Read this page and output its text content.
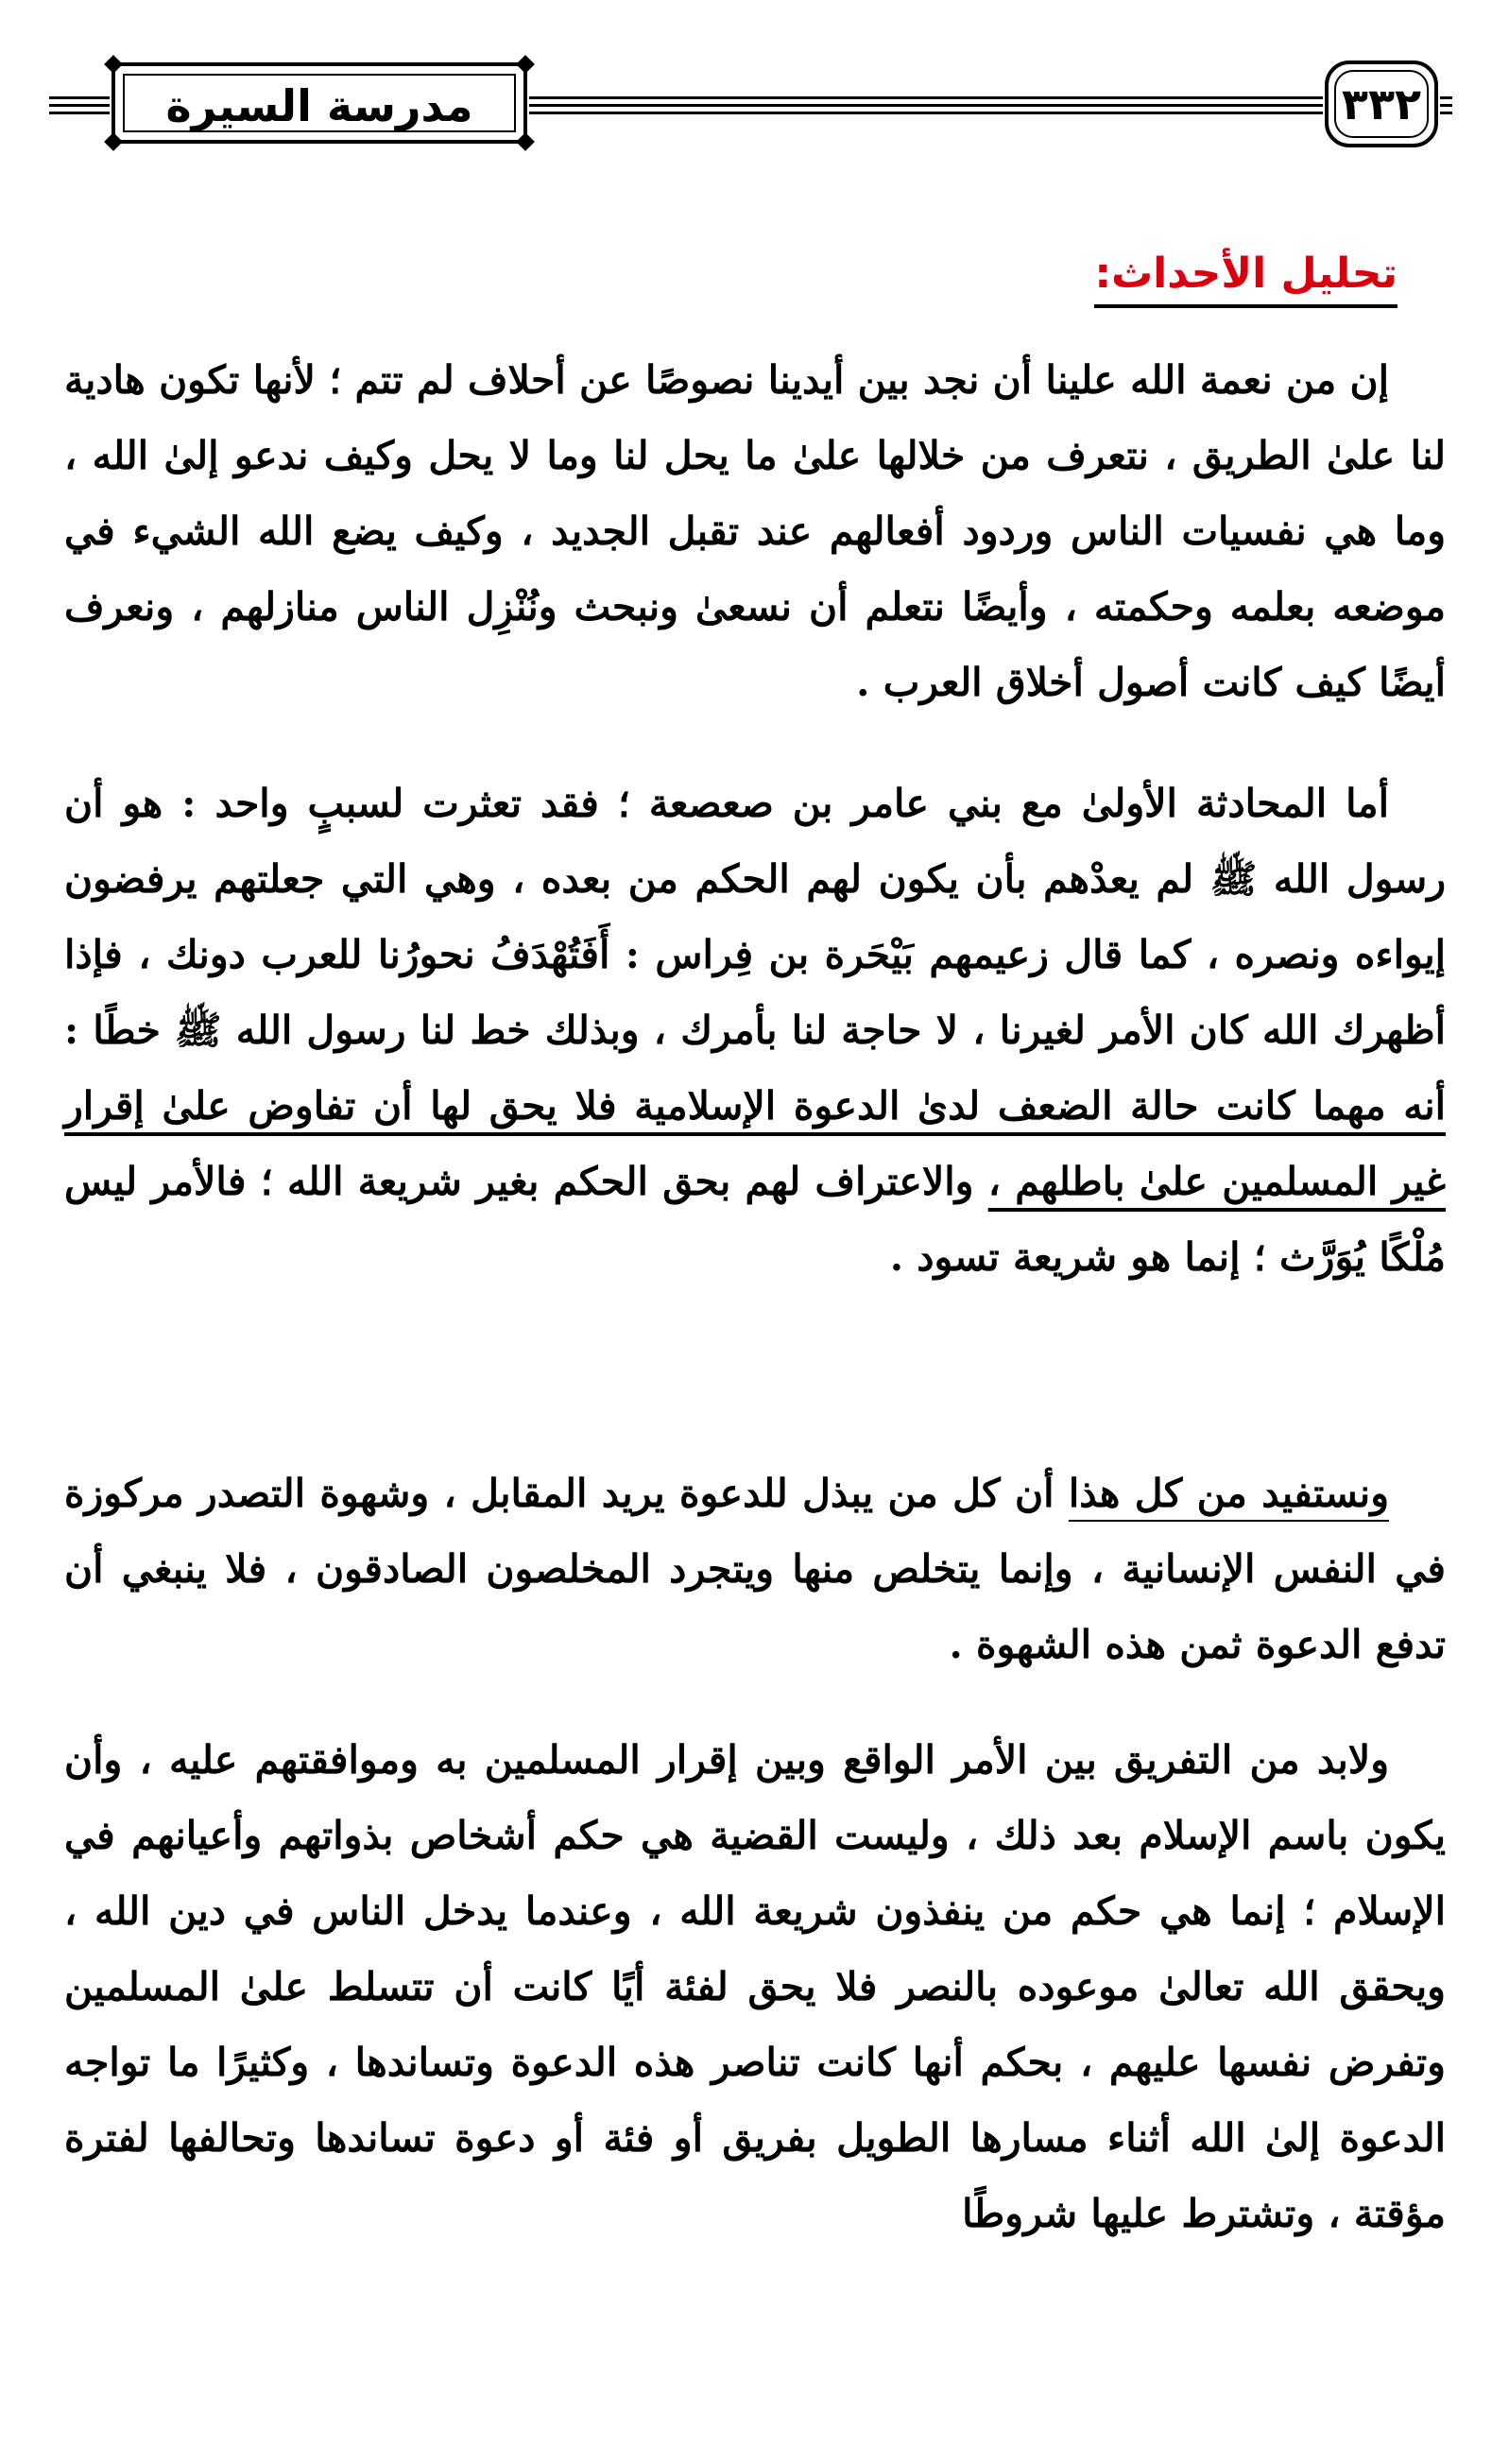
مدرسة السيرة	٣٣٢
تحليل الأحداث:

إن من نعمة الله علينا أن نجد بين أيدينا نصوصًا عن أحلاف لم تتم ؛ لأنها تكون هادية لنا علىٰ الطريق ، نتعرف من خلالها علىٰ ما يحل لنا وما لا يحل وكيف ندعو إلىٰ الله ، وما هي نفسيات الناس وردود أفعالهم عند تقبل الجديد ، وكيف يضع الله الشيء في موضعه بعلمه وحكمته ، وأيضًا نتعلم أن نسعىٰ ونبحث ونُنْزِل الناس منازلهم ، ونعرف أيضًا كيف كانت أصول أخلاق العرب .

أما المحادثة الأولىٰ مع بني عامر بن صعصعة ؛ فقد تعثرت لسببٍ واحد : هو أن رسول الله ﷺ لم يعدْهم بأن يكون لهم الحكم من بعده ، وهي التي جعلتهم يرفضون إيواءه ونصره ، كما قال زعيمهم بَيْحَرة بن فِراس : أَفَتُهْدَفُ نحورُنا للعرب دونك ، فإذا أظهرك الله كان الأمر لغيرنا ، لا حاجة لنا بأمرك ، وبذلك خط لنا رسول الله ﷺ خطًا : أنه مهما كانت حالة الضعف لدىٰ الدعوة الإسلامية فلا يحق لها أن تفاوض علىٰ إقرار غير المسلمين علىٰ باطلهم ، والاعتراف لهم بحق الحكم بغير شريعة الله ؛ فالأمر ليس مُلْكًا يُوَرَّث ؛ إنما هو شريعة تسود .

ونستفيد من كل هذا أن كل من يبذل للدعوة يريد المقابل ، وشهوة التصدر مركوزة في النفس الإنسانية ، وإنما يتخلص منها ويتجرد المخلصون الصادقون ، فلا ينبغي أن تدفع الدعوة ثمن هذه الشهوة .

ولابد من التفريق بين الأمر الواقع وبين إقرار المسلمين به وموافقتهم عليه ، وأن يكون باسم الإسلام بعد ذلك ، وليست القضية هي حكم أشخاص بذواتهم وأعيانهم في الإسلام ؛ إنما هي حكم من ينفذون شريعة الله ، وعندما يدخل الناس في دين الله ، ويحقق الله تعالىٰ موعوده بالنصر فلا يحق لفئة أيًا كانت أن تتسلط علىٰ المسلمين وتفرض نفسها عليهم ، بحكم أنها كانت تناصر هذه الدعوة وتساندها ، وكثيرًا ما تواجه الدعوة إلىٰ الله أثناء مسارها الطويل بفريق أو فئة أو دعوة تساندها وتحالفها لفترة مؤقتة ، وتشترط عليها شروطًا
